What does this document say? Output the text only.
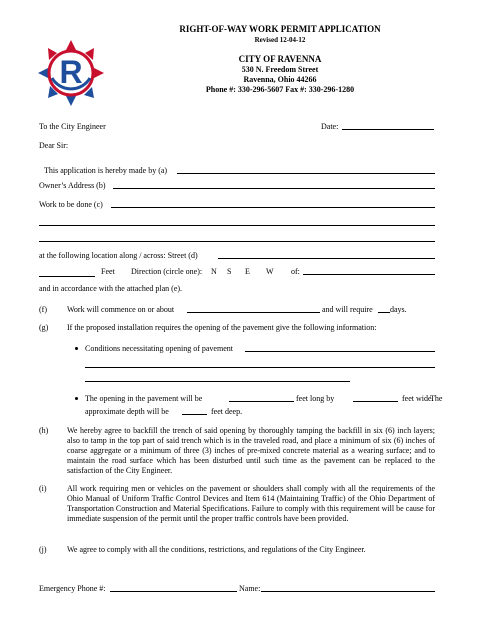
R
RIGHT-OF-WAY WORK PERMIT APPLICATION
Revised 12-04-12
CITY OF RAVENNA
530 N. Freedom Street
Ravenna, Ohio 44266
Phone #: 330-296-5607 Fax #: 330-296-1280
To the City Engineer	Date:
Dear Sir:
This application is hereby made by (a)
Owner’s Address (b)
Work to be done (c)
at the following location along / across: Street (d)
Feet Direction (circle one): N S E W of:
and in accordance with the attached plan (e).
(f)	Work will commence on or about	and will require days.
(g) If the proposed installation requires the opening of the pavement give the following information:
Conditions necessitating opening of pavement
The opening in the pavement will be	feet long by	feet wide.
The
approximate depth will be	feet deep.
(h) We hereby agree to backfill the trench of said opening by thoroughly tamping the backfill in six (6) inch layers; also to tamp in the top part of said trench which is in the traveled road, and place a minimum of six (6) inches of coarse aggregate or a minimum of three (3) inches of pre-mixed concrete material as a wearing surface; and to maintain the road surface which has been disturbed until such time as the pavement can be replaced to the satisfaction of the City Engineer.
(i)	All work requiring men or vehicles on the pavement or shoulders shall comply with all the requirements of the Ohio Manual of Uniform Traffic Control Devices and Item 614 (Maintaining Traffic) of the Ohio Department of Transportation Construction and Material Specifications. Failure to comply with this requirement will be cause for immediate suspension of the permit until the proper traffic controls have been provided.
(j)	We agree to comply with all the conditions, restrictions, and regulations of the City Engineer.
Emergency Phone #:	Name:
